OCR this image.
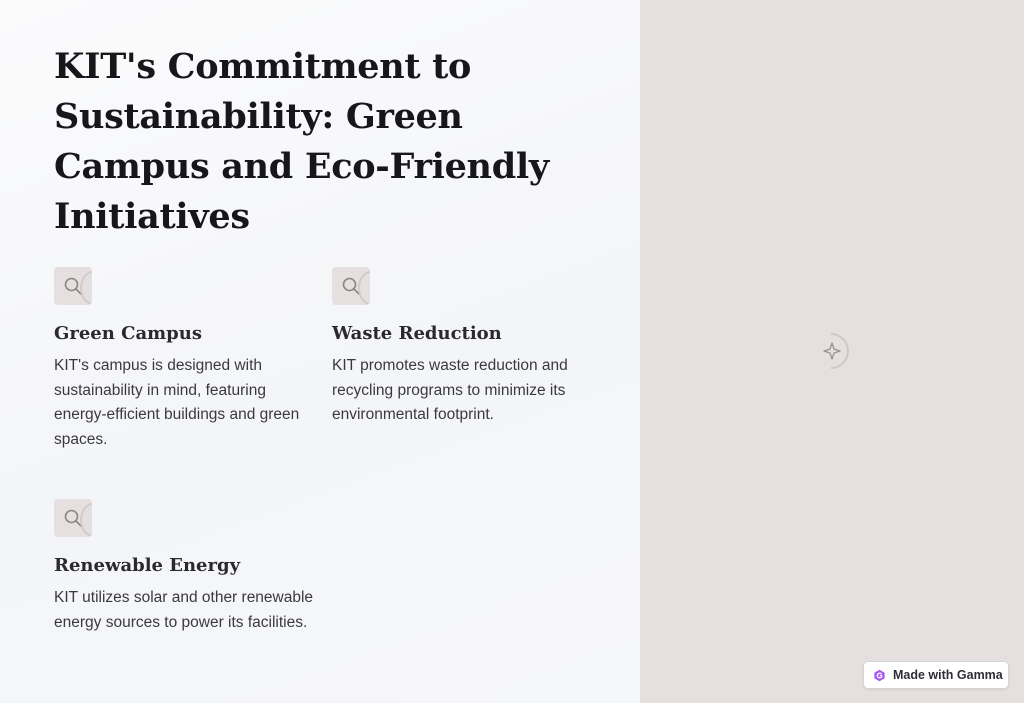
KIT's Commitment to Sustainability: Green Campus and Eco-Friendly Initiatives
Green Campus

KIT's campus is designed with sustainability in mind, featuring energy-efficient buildings and green spaces.

Waste Reduction

KIT promotes waste reduction and recycling programs to minimize its environmental footprint.

Renewable Energy

KIT utilizes solar and other renewable energy sources to power its facilities.

Made with Gamma
